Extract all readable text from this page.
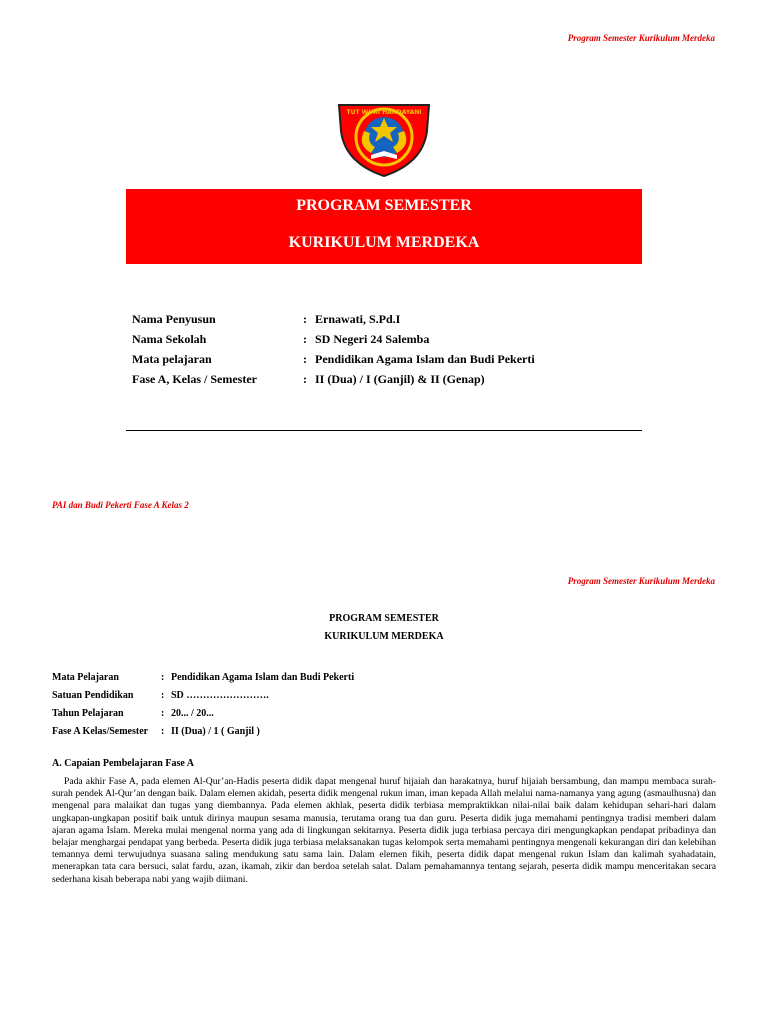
Program Semester Kurikulum Merdeka
TUT WURI HANDAYANI
PROGRAM SEMESTER
KURIKULUM MERDEKA
Nama Penyusun	: Ernawati, S.Pd.I
Nama Sekolah	: SD Negeri 24 Salemba
Mata pelajaran	: Pendidikan Agama Islam dan Budi Pekerti
Fase A, Kelas / Semester	: II (Dua) / I (Ganjil) & II (Genap)
PAI dan Budi Pekerti Fase A Kelas 2
Program Semester Kurikulum Merdeka
PROGRAM SEMESTER
KURIKULUM MERDEKA
Mata Pelajaran	: Pendidikan Agama Islam dan Budi Pekerti
Satuan Pendidikan	: SD …………………….
Tahun Pelajaran	: 20... / 20...
Fase A Kelas/Semester : II (Dua) / 1 ( Ganjil )
A. Capaian Pembelajaran Fase A

Pada akhir Fase A, pada elemen Al-Qur’an-Hadis peserta didik dapat mengenal huruf hijaiah dan harakatnya, huruf hijaiah bersambung, dan mampu membaca surah-surah pendek Al-Qur’an dengan baik. Dalam elemen akidah, peserta didik mengenal rukun iman, iman kepada Allah melalui nama-namanya yang agung (asmaulhusna) dan mengenal para malaikat dan tugas yang diembannya. Pada elemen akhlak, peserta didik terbiasa mempraktikkan nilai-nilai baik dalam kehidupan sehari-hari dalam ungkapan-ungkapan positif baik untuk dirinya maupun sesama manusia, terutama orang tua dan guru. Peserta didik juga memahami pentingnya tradisi memberi dalam ajaran agama Islam. Mereka mulai mengenal norma yang ada di lingkungan sekitarnya. Peserta didik juga terbiasa percaya diri mengungkapkan pendapat pribadinya dan belajar menghargai pendapat yang berbeda. Peserta didik juga terbiasa melaksanakan tugas kelompok serta memahami pentingnya mengenali kekurangan diri dan kelebihan temannya demi terwujudnya suasana saling mendukung satu sama lain. Dalam elemen fikih, peserta didik dapat mengenal rukun Islam dan kalimah syahadatain, menerapkan tata cara bersuci, salat fardu, azan, ikamah, zikir dan berdoa setelah salat. Dalam pemahamannya tentang sejarah, peserta didik mampu menceritakan secara sederhana kisah beberapa nabi yang wajib diimani.
